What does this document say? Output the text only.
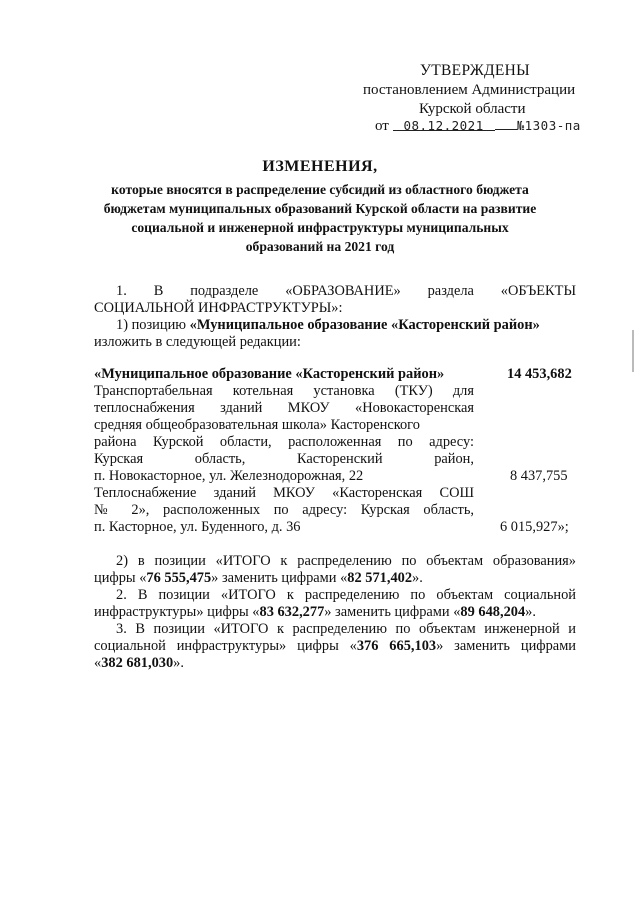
УТВЕРЖДЕНЫ
постановлением Администрации
Курской области
от 08.12.2021	№1303-па
ИЗМЕНЕНИЯ,
которые вносятся в распределение субсидий из областного бюджета
бюджетам муниципальных образований Курской области на развитие
социальной и инженерной инфраструктуры муниципальных
образований на 2021 год
1. В подразделе «ОБРАЗОВАНИЕ» раздела «ОБЪЕКТЫ
СОЦИАЛЬНОЙ ИНФРАСТРУКТУРЫ»:
1) позицию «Муниципальное образование «Касторенский район»
изложить в следующей редакции:
«Муниципальное образование «Касторенский район»	14 453,682
Транспортабельная котельная установка (ТКУ) для
теплоснабжения зданий МКОУ «Новокасторенская
средняя общеобразовательная школа» Касторенского
района Курской области, расположенная по адресу:
Курская область, Касторенский район,
п. Новокасторное, ул. Железнодорожная, 22	8 437,755
Теплоснабжение зданий МКОУ «Касторенская СОШ
№ 2», расположенных по адресу: Курская область,
п. Касторное, ул. Буденного, д. 36	6 015,927»;
2) в позиции «ИТОГО к распределению по объектам образования»
цифры «76 555,475» заменить цифрами «82 571,402».
2. В позиции «ИТОГО к распределению по объектам социальной
инфраструктуры» цифры «83 632,277» заменить цифрами «89 648,204».
3. В позиции «ИТОГО к распределению по объектам инженерной и
социальной инфраструктуры» цифры «376 665,103» заменить цифрами
«382 681,030».
